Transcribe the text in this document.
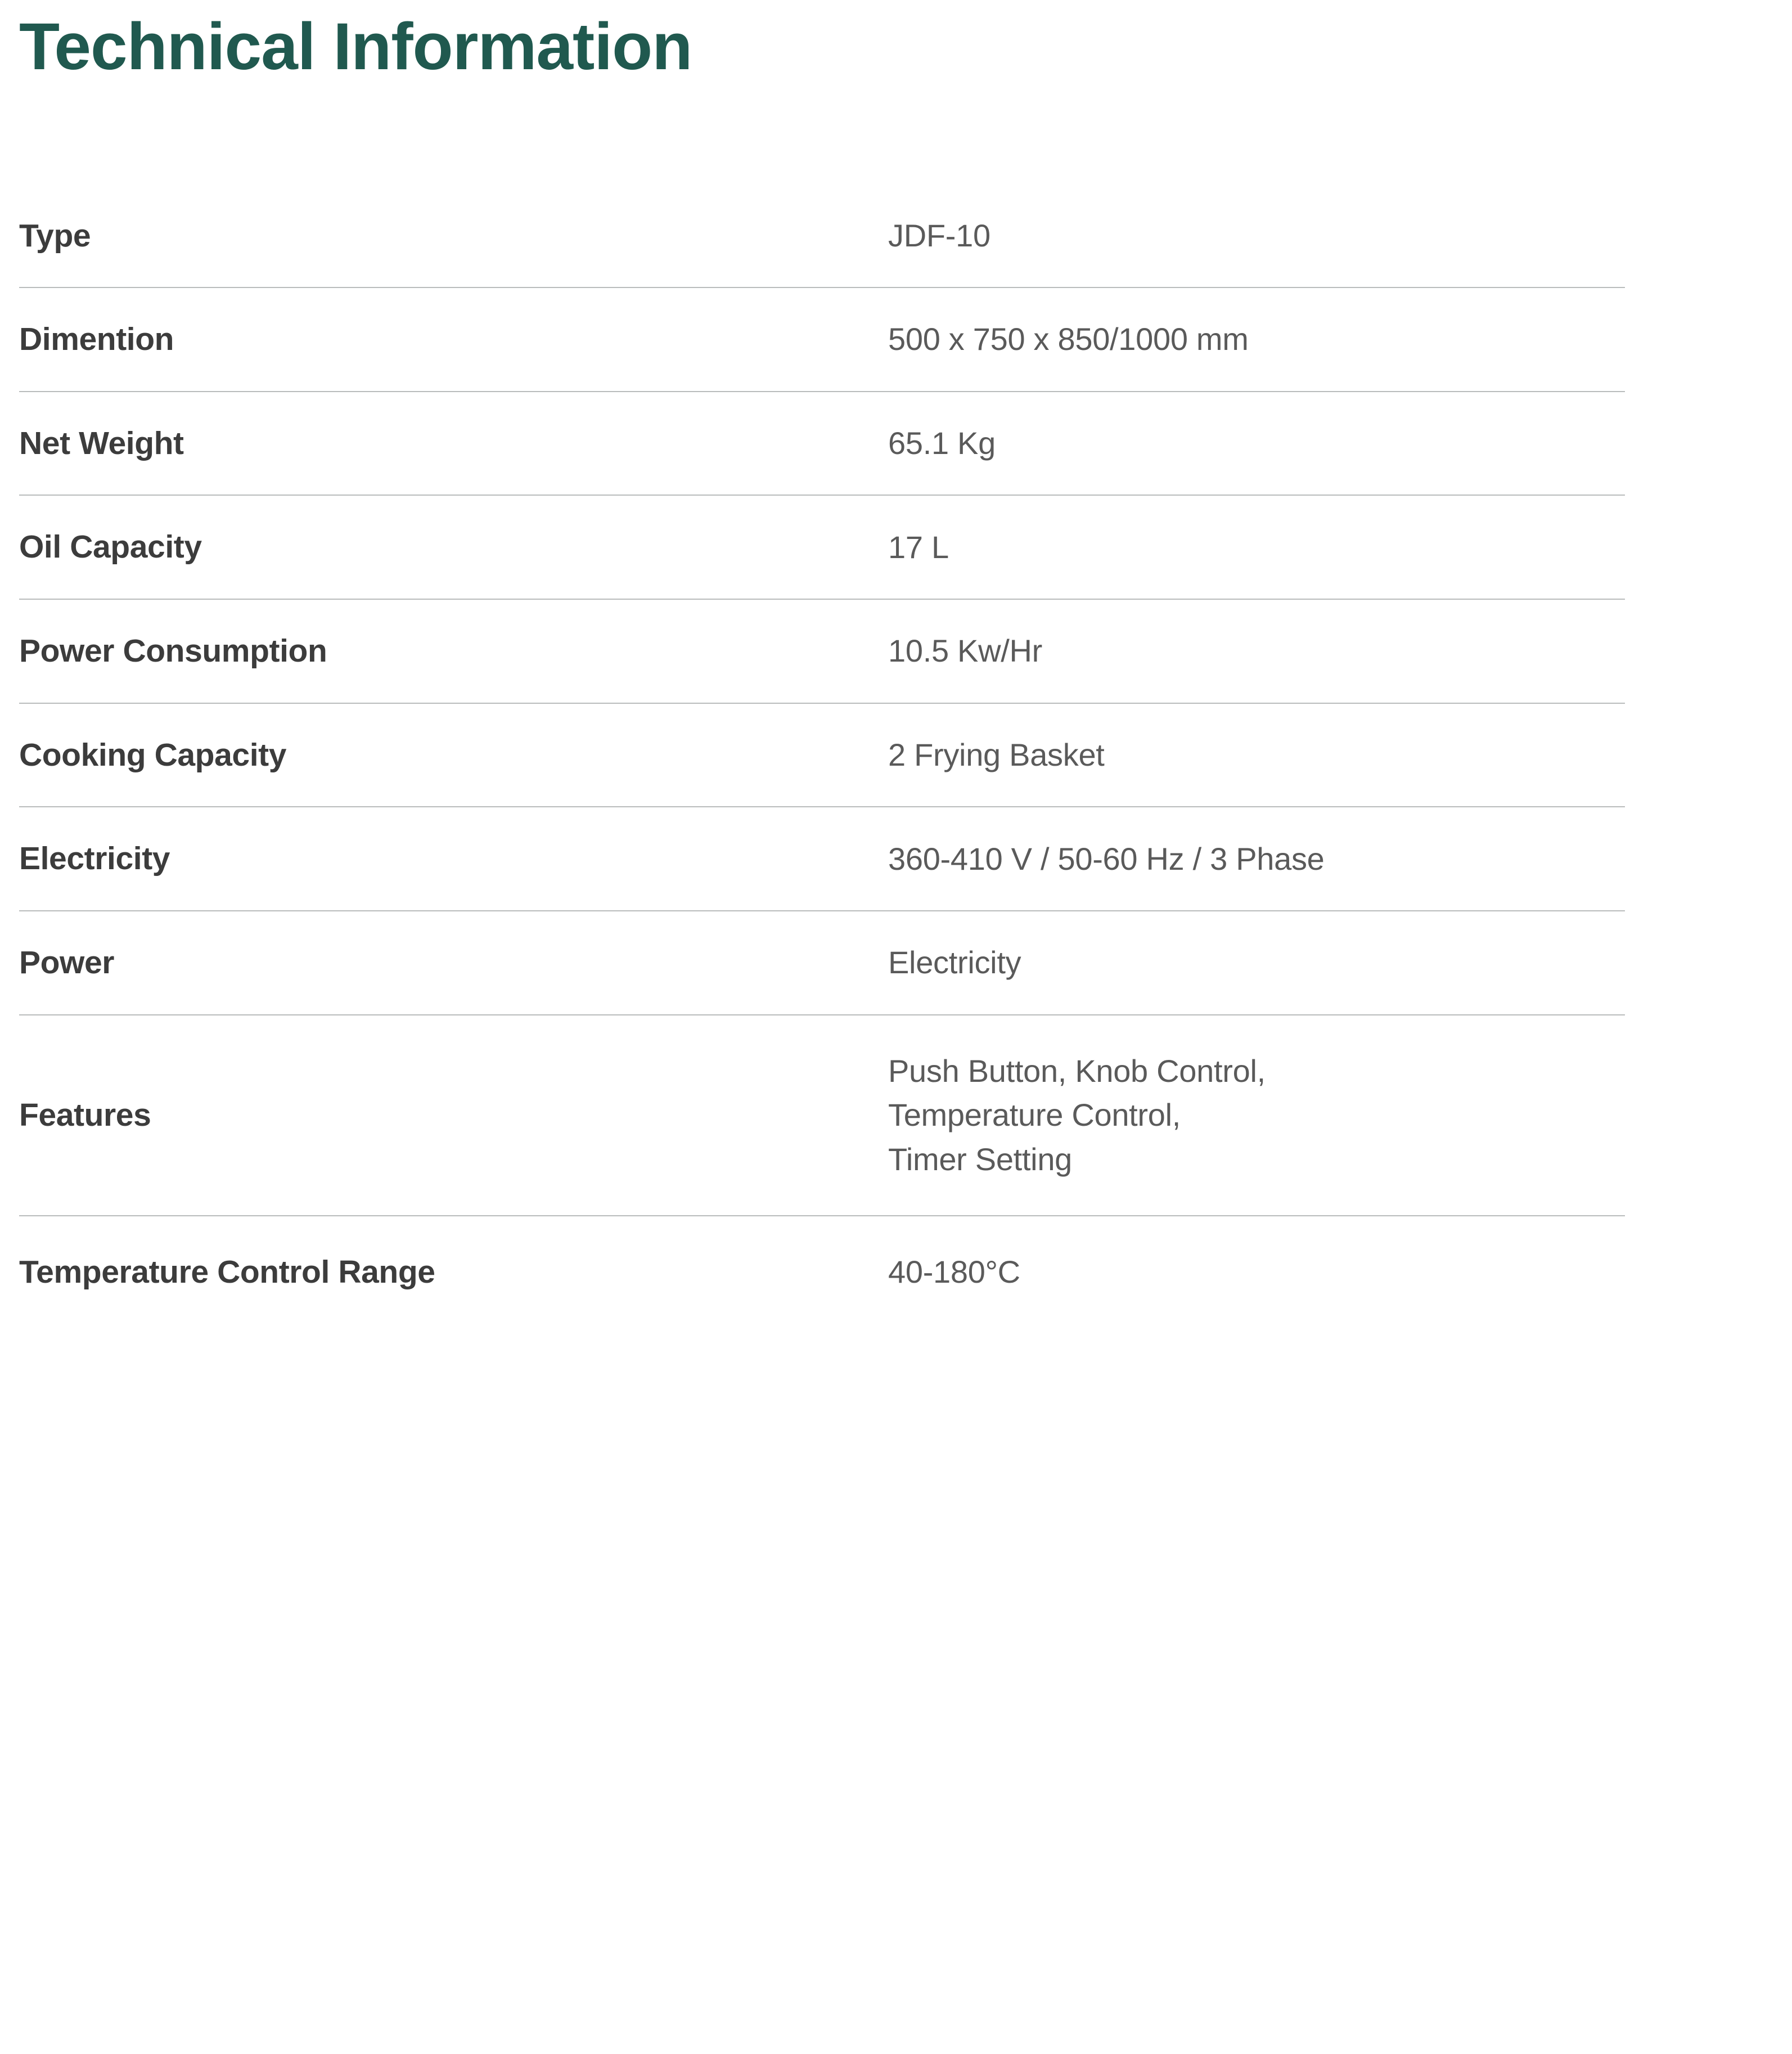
Technical Information
Type	JDF-10
Dimention	500 x 750 x 850/1000 mm
Net Weight	65.1 Kg
Oil Capacity	17 L
Power Consumption	10.5 Kw/Hr
Cooking Capacity	2 Frying Basket
Electricity	360-410 V / 50-60 Hz / 3 Phase
Power	Electricity
Features	Push Button, Knob Control,
Temperature Control,
Timer Setting

Temperature Control Range	40-180°C
